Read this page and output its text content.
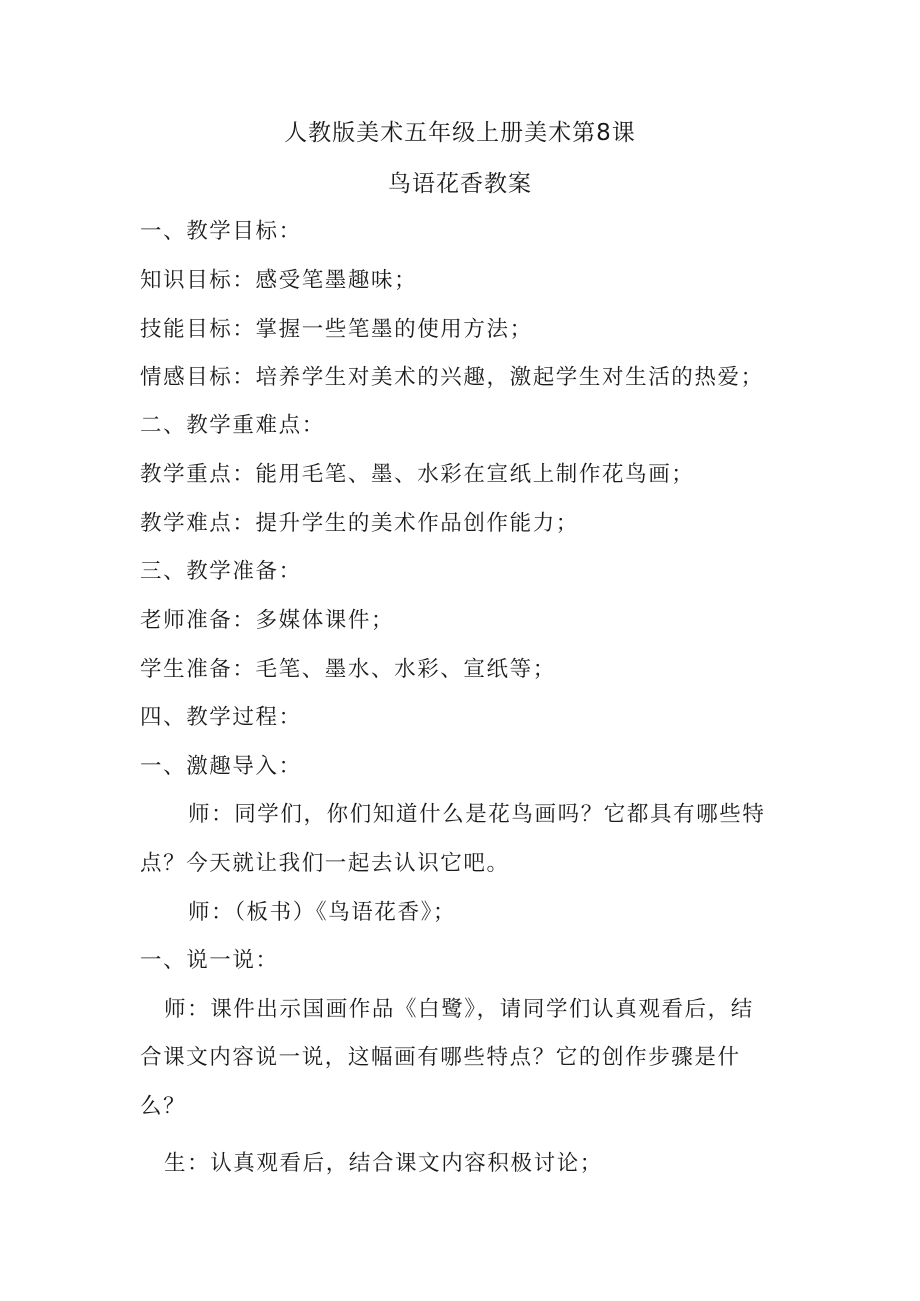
人教版美术五年级上册美术第8课
鸟语花香教案
一、教学目标：
知识目标：感受笔墨趣味；
技能目标：掌握一些笔墨的使用方法；
情感目标：培养学生对美术的兴趣，激起学生对生活的热爱；
二、教学重难点：
教学重点：能用毛笔、墨、水彩在宣纸上制作花鸟画；
教学难点：提升学生的美术作品创作能力；
三、教学准备：
老师准备：多媒体课件；
学生准备：毛笔、墨水、水彩、宣纸等；
四、教学过程：
一、激趣导入：
师：同学们，你们知道什么是花鸟画吗？它都具有哪些特
点？今天就让我们一起去认识它吧。
师：（板书）《鸟语花香》；
一、说一说：
师：课件出示国画作品《白鹭》，请同学们认真观看后，结
合课文内容说一说，这幅画有哪些特点？它的创作步骤是什
么？
生：认真观看后，结合课文内容积极讨论；
